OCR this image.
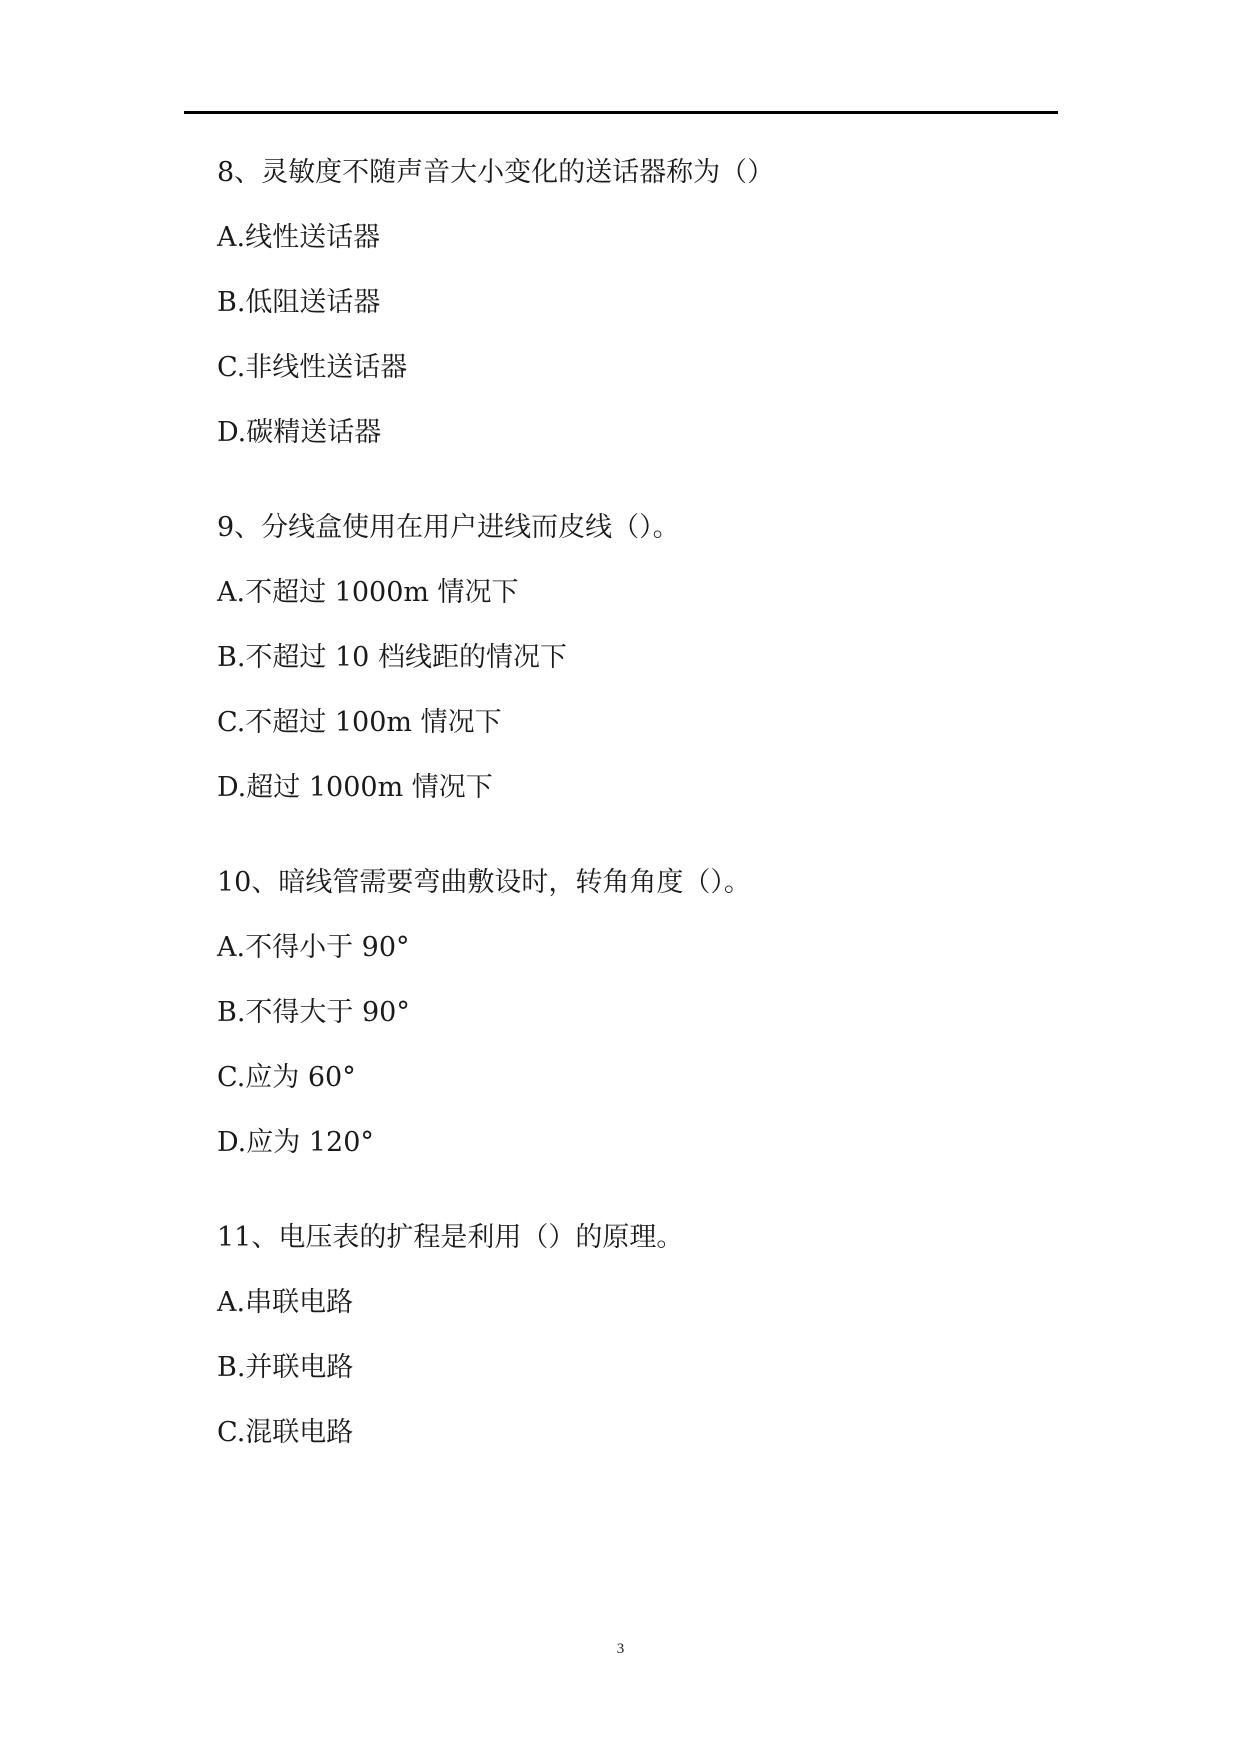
8、灵敏度不随声音大小变化的送话器称为（）
A.线性送话器
B.低阻送话器
C.非线性送话器
D.碳精送话器
9、分线盒使用在用户进线而皮线（）。
A.不超过 1000m 情况下
B.不超过 10 档线距的情况下
C.不超过 100m 情况下
D.超过 1000m 情况下
10、暗线管需要弯曲敷设时，转角角度（）。
A.不得小于 90°
B.不得大于 90°
C.应为 60°
D.应为 120°
11、电压表的扩程是利用（）的原理。
A.串联电路
B.并联电路
C.混联电路
3
